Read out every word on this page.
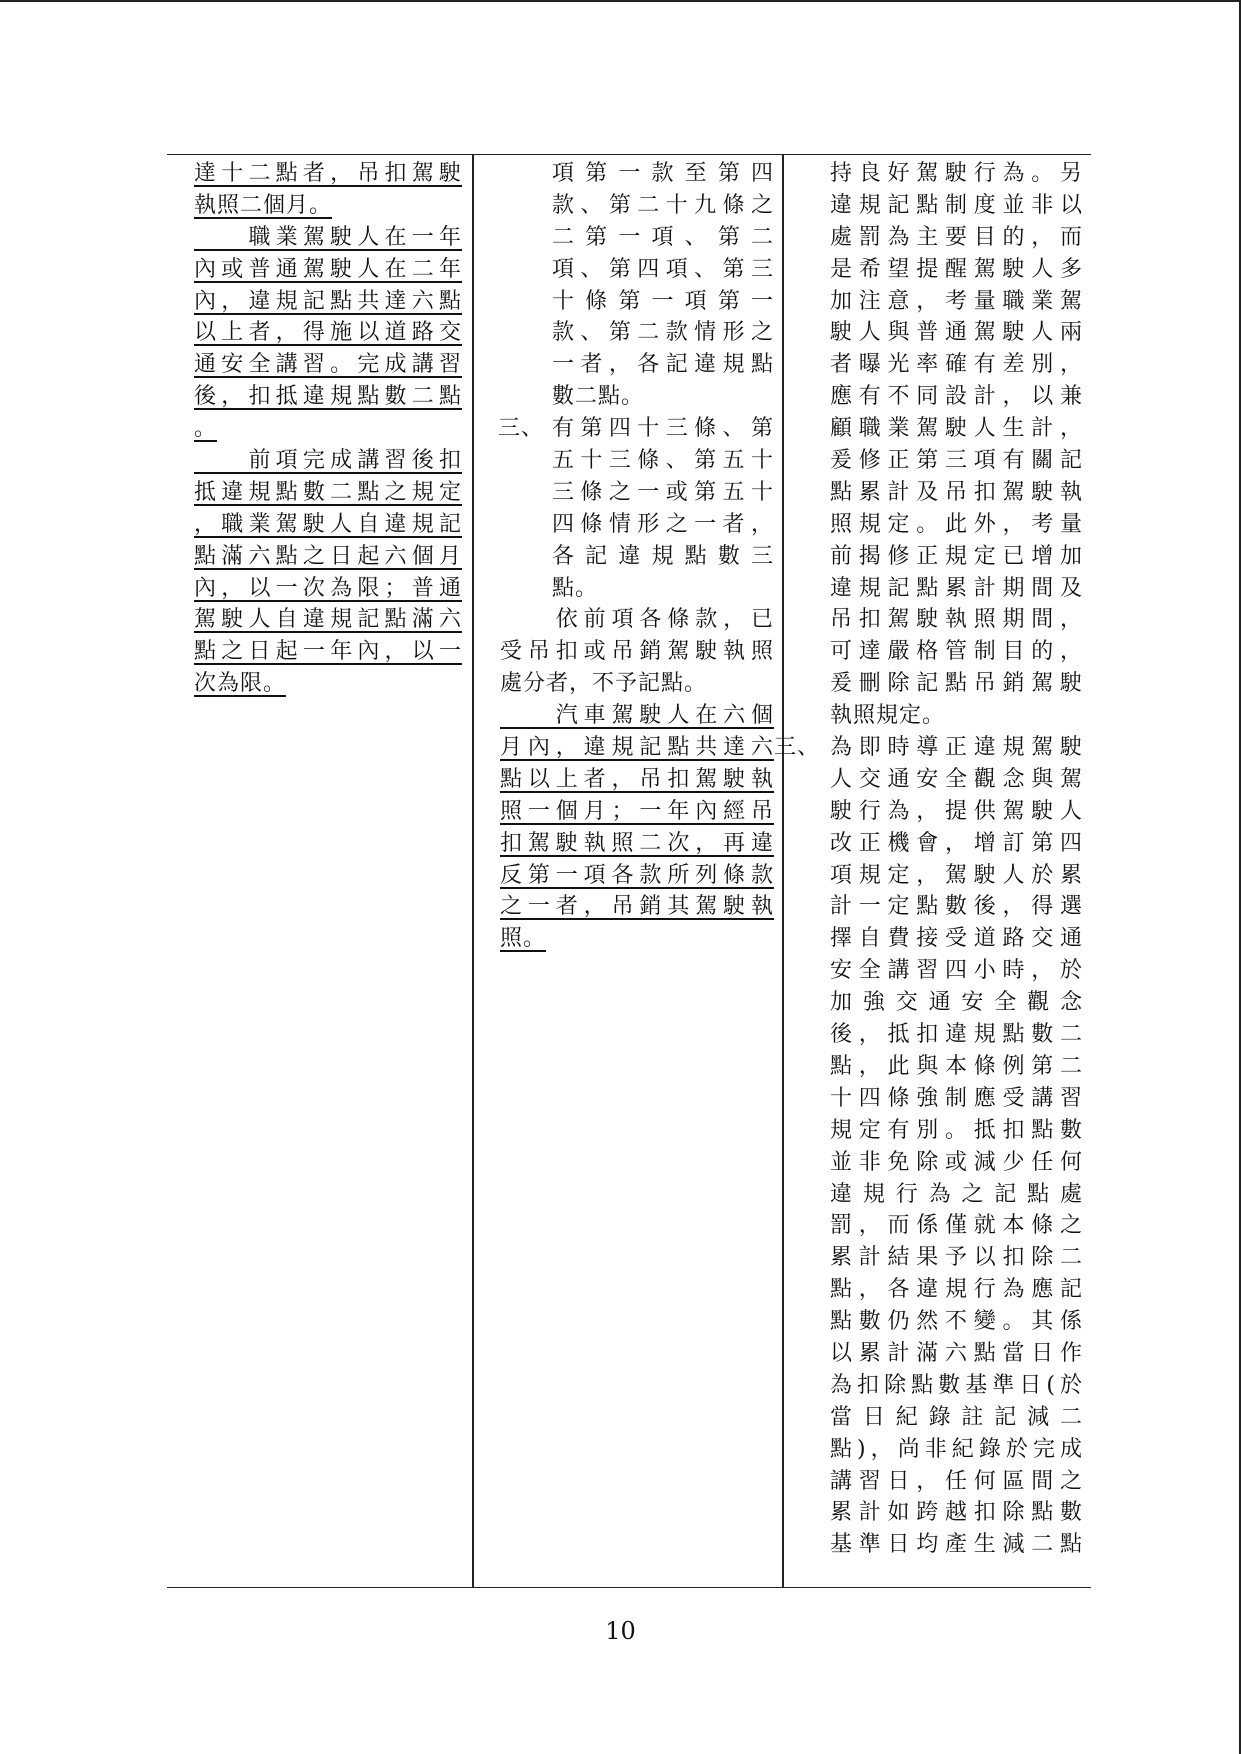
達十二點者，吊扣駕駛
執照二個月。
　　職業駕駛人在一年
內或普通駕駛人在二年
內，違規記點共達六點
以上者，得施以道路交
通安全講習。完成講習
後，扣抵違規點數二點
。
　　前項完成講習後扣
抵違規點數二點之規定
，職業駕駛人自違規記
點滿六點之日起六個月
內，以一次為限；普通
駕駛人自違規記點滿六
點之日起一年內，以一
次為限。
項第一款至第四
款、第二十九條之
二第一項、第二
項、第四項、第三
十條第一項第一
款、第二款情形之
一者，各記違規點
數二點。
三、 有第四十三條、第
五十三條、第五十
三條之一或第五十
四條情形之一者，
各記違規點數三
點。
　　依前項各條款，已
受吊扣或吊銷駕駛執照
處分者，不予記點。
　　汽車駕駛人在六個
月內，違規記點共達六
點以上者，吊扣駕駛執
照一個月；一年內經吊
扣駕駛執照二次，再違
反第一項各款所列條款
之一者，吊銷其駕駛執
照。
持良好駕駛行為。另
違規記點制度並非以
處罰為主要目的，而
是希望提醒駕駛人多
加注意，考量職業駕
駛人與普通駕駛人兩
者曝光率確有差別，
應有不同設計，以兼
顧職業駕駛人生計，
爰修正第三項有關記
點累計及吊扣駕駛執
照規定。此外，考量
前揭修正規定已增加
違規記點累計期間及
吊扣駕駛執照期間，
可達嚴格管制目的，
爰刪除記點吊銷駕駛
執照規定。
三、 為即時導正違規駕駛
人交通安全觀念與駕
駛行為，提供駕駛人
改正機會，增訂第四
項規定，駕駛人於累
計一定點數後，得選
擇自費接受道路交通
安全講習四小時，於
加強交通安全觀念
後，抵扣違規點數二
點，此與本條例第二
十四條強制應受講習
規定有別。抵扣點數
並非免除或減少任何
違規行為之記點處
罰，而係僅就本條之
累計結果予以扣除二
點，各違規行為應記
點數仍然不變。其係
以累計滿六點當日作
為扣除點數基準日(於
當日紀錄註記減二
點)，尚非紀錄於完成
講習日，任何區間之
累計如跨越扣除點數
基準日均產生減二點
10
